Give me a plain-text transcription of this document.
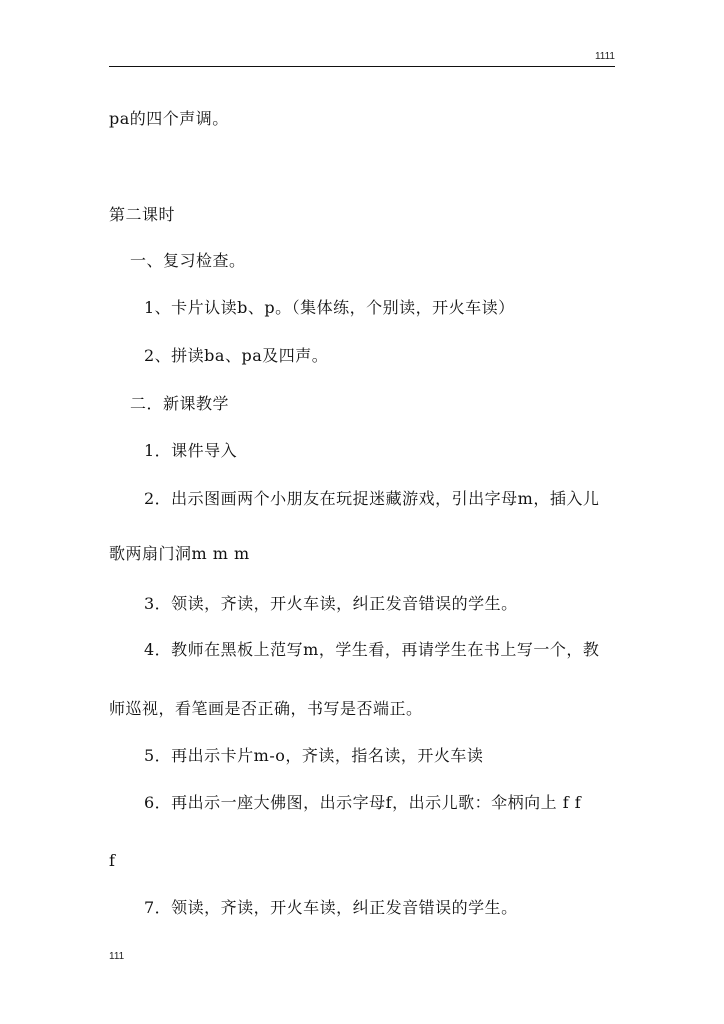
1111
pa的四个声调。
第二课时
一、复习检查。
1、卡片认读b、p。（集体练，个别读，开火车读）
2、拼读ba、pa及四声。
二．新课教学
1．课件导入
2．出示图画两个小朋友在玩捉迷藏游戏，引出字母m，插入儿
歌两扇门洞m m m
3．领读，齐读，开火车读，纠正发音错误的学生。
4．教师在黑板上范写m，学生看，再请学生在书上写一个，教
师巡视，看笔画是否正确，书写是否端正。
5．再出示卡片m-o，齐读，指名读，开火车读
6．再出示一座大佛图，出示字母f，出示儿歌：伞柄向上 f f
f
7．领读，齐读，开火车读，纠正发音错误的学生。
111
